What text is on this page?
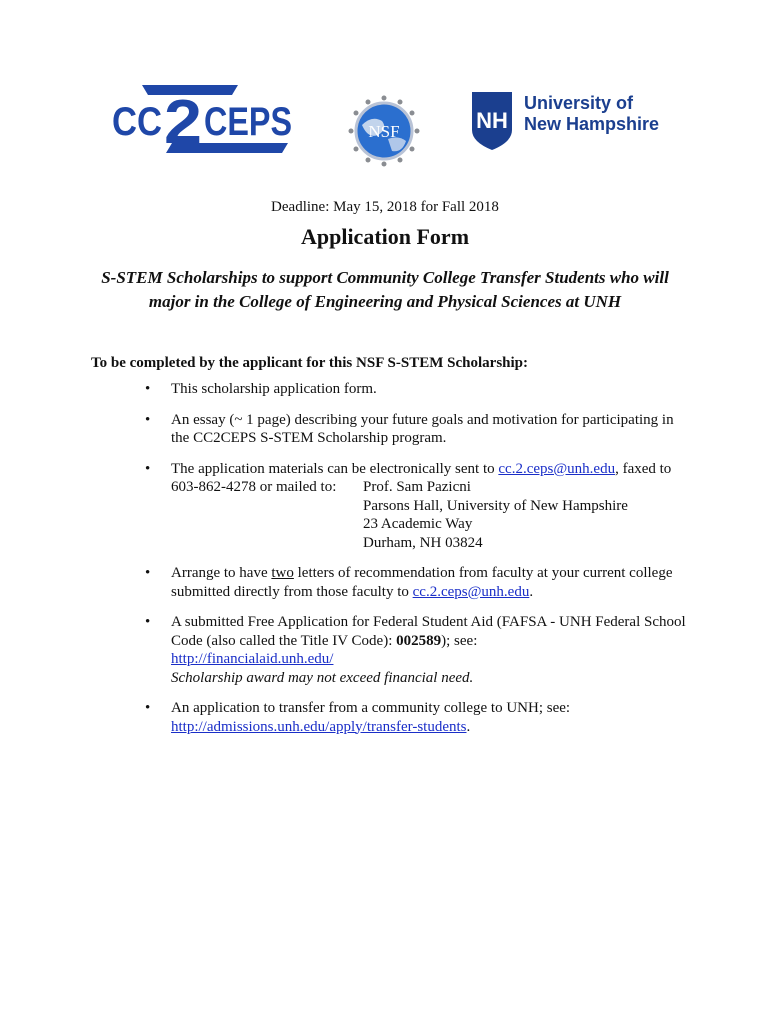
CC 2 CEPS	NSF	NH
University of
New Hampshire
Deadline: May 15, 2018 for Fall 2018
Application Form
S-STEM Scholarships to support Community College Transfer Students who will major in the College of Engineering and Physical Sciences at UNH
To be completed by the applicant for this NSF S-STEM Scholarship:
• This scholarship application form.
• An essay (~ 1 page) describing your future goals and motivation for participating in the CC2CEPS S-STEM Scholarship program.
• The application materials can be electronically sent to cc.2.ceps@unh.edu, faxed to
603-862-4278 or mailed to:	Prof. Sam Pazicni
Parsons Hall, University of New Hampshire
23 Academic Way
Durham, NH 03824
• Arrange to have two letters of recommendation from faculty at your current college submitted directly from those faculty to cc.2.ceps@unh.edu.
• A submitted Free Application for Federal Student Aid (FAFSA - UNH Federal School Code (also called the Title IV Code): 002589); see:
http://financialaid.unh.edu/
Scholarship award may not exceed financial need.
• An application to transfer from a community college to UNH; see:
http://admissions.unh.edu/apply/transfer-students.
